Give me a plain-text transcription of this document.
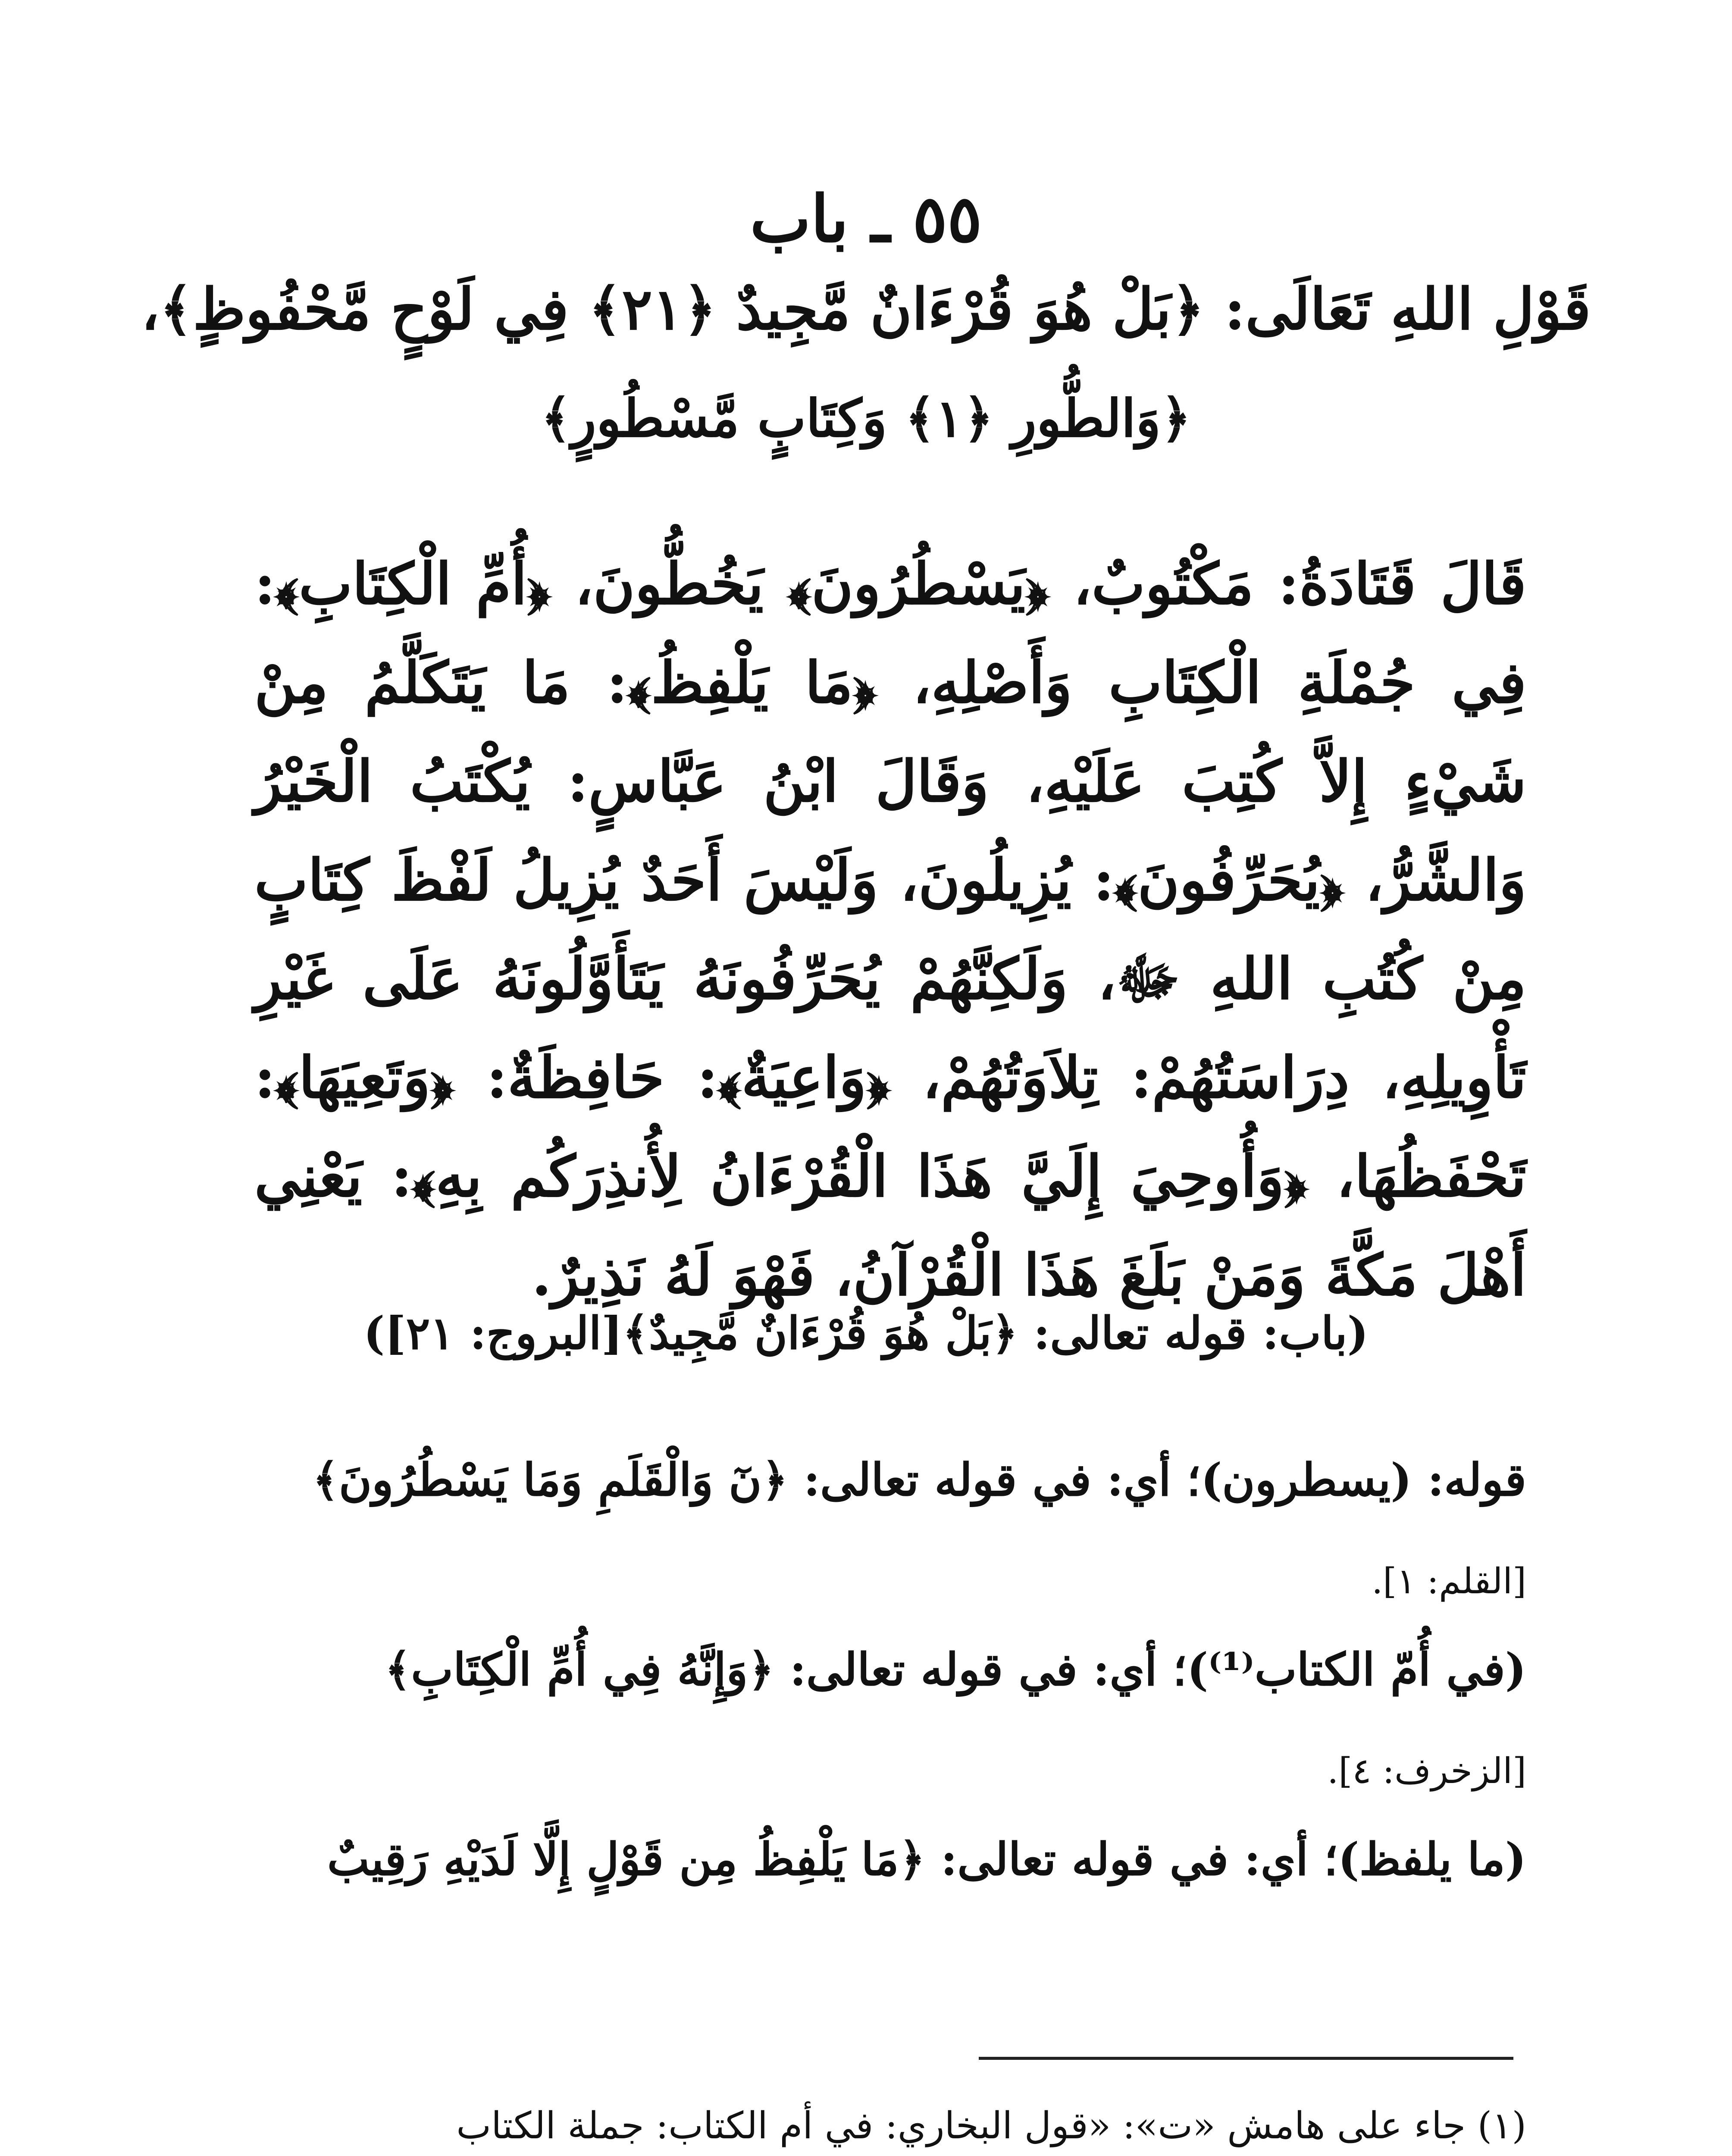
٥٥ ـ باب
قَوْلِ اللهِ تَعَالَى: ﴿بَلْ هُوَ قُرْءَانٌ مَّجِيدٌ ﴿٢١﴾ فِي لَوْحٍ مَّحْفُوظٍ﴾،
﴿وَالطُّورِ ﴿١﴾ وَكِتَابٍ مَّسْطُورٍ﴾
قَالَ قَتَادَةُ: مَكْتُوبٌ، ﴿يَسْطُرُونَ﴾ يَخُطُّونَ، ﴿أُمِّ الْكِتَابِ﴾: فِي جُمْلَةِ الْكِتَابِ وَأَصْلِهِ، ﴿مَا يَلْفِظُ﴾: مَا يَتَكَلَّمُ مِنْ شَيْءٍ إِلاَّ كُتِبَ عَلَيْهِ، وَقَالَ ابْنُ عَبَّاسٍ: يُكْتَبُ الْخَيْرُ وَالشَّرُّ، ﴿يُحَرِّفُونَ﴾: يُزِيلُونَ، وَلَيْسَ أَحَدٌ يُزِيلُ لَفْظَ كِتَابٍ مِنْ كُتُبِ اللهِ ﷻ، وَلَكِنَّهُمْ يُحَرِّفُونَهُ يَتَأَوَّلُونَهُ عَلَى غَيْرِ تَأْوِيلِهِ، دِرَاسَتُهُمْ: تِلاَوَتُهُمْ، ﴿وَاعِيَةٌ﴾: حَافِظَةٌ: ﴿وَتَعِيَهَا﴾: تَحْفَظُهَا، ﴿وَأُوحِيَ إِلَيَّ هَذَا الْقُرْءَانُ لِأُنذِرَكُم بِهِ﴾: يَعْنِي أَهْلَ مَكَّةَ وَمَنْ بَلَغَ هَذَا الْقُرْآنُ، فَهْوَ لَهُ نَذِيرٌ.
(باب: قوله تعالى: ﴿بَلْ هُوَ قُرْءَانٌ مَّجِيدٌ﴾[البروج: ٢١])
قوله: (يسطرون)؛ أي: في قوله تعالى: ﴿نٓ وَالْقَلَمِ وَمَا يَسْطُرُونَ﴾
[القلم: ١].
(في أُمّ الكتاب⁽¹⁾)؛ أي: في قوله تعالى: ﴿وَإِنَّهُ فِي أُمِّ الْكِتَابِ﴾
[الزخرف: ٤].
(ما يلفظ)؛ أي: في قوله تعالى: ﴿مَا يَلْفِظُ مِن قَوْلٍ إِلَّا لَدَيْهِ رَقِيبٌ
(١) جاء على هامش «ت»: «قول البخاري: في أم الكتاب: جملة الكتاب
